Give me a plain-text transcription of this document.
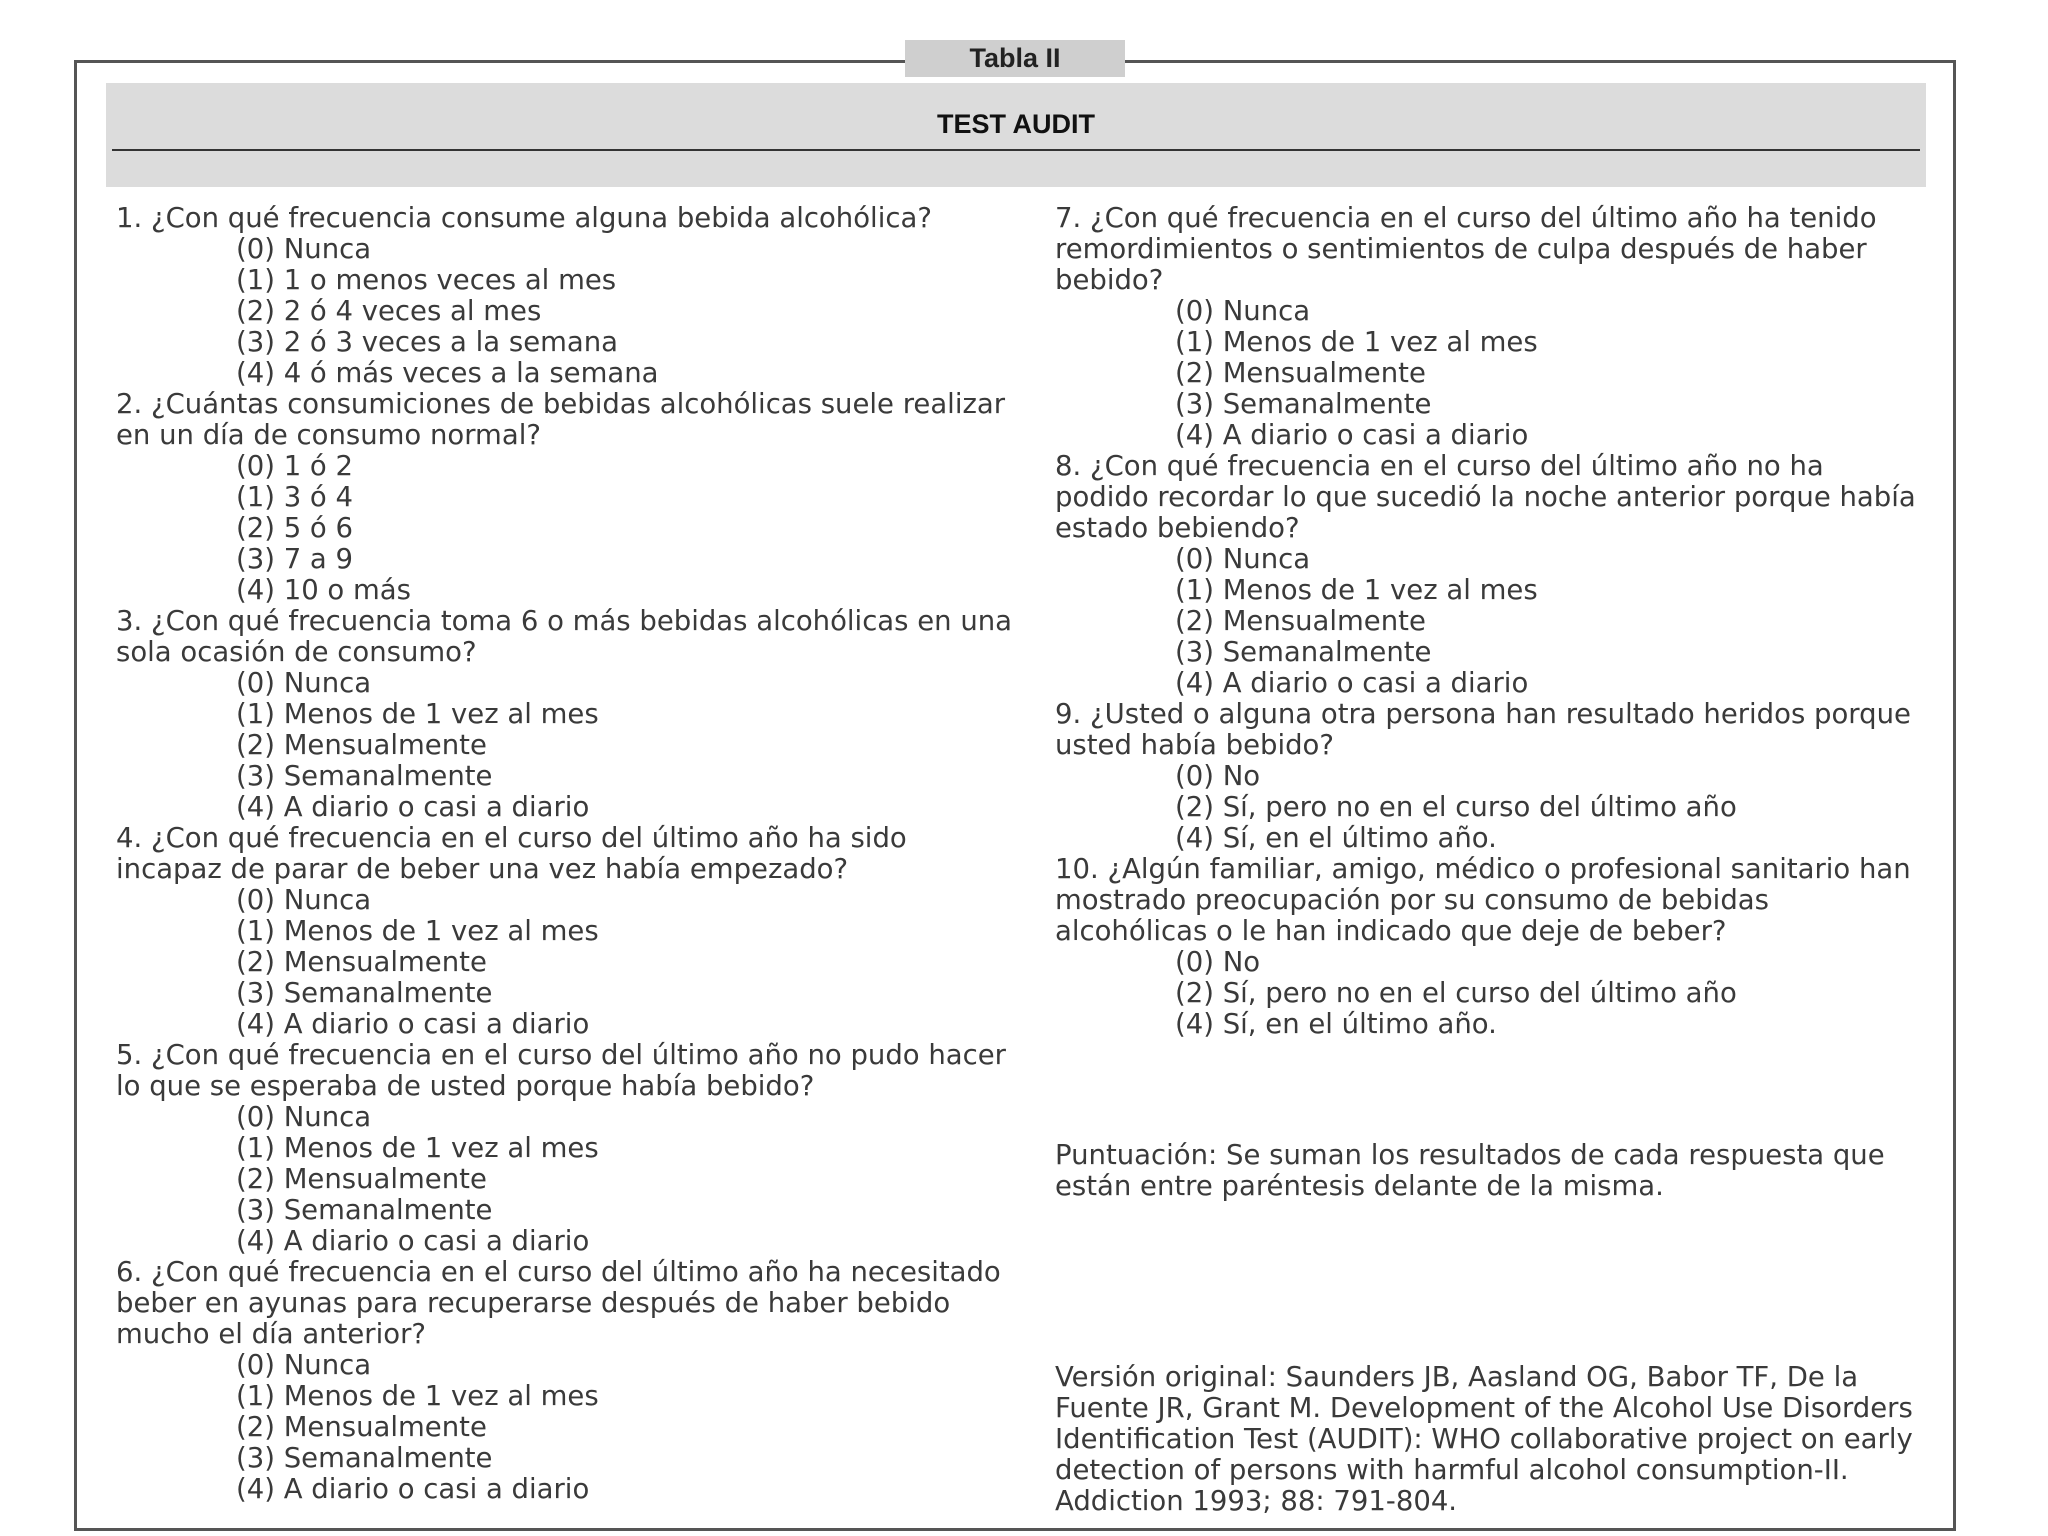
Tabla II
TEST AUDIT

1. ¿Con qué frecuencia consume alguna bebida alcohólica?

(0) Nunca

(1) 1 o menos veces al mes

(2) 2 ó 4 veces al mes

(3) 2 ó 3 veces a la semana

(4) 4 ó más veces a la semana

2. ¿Cuántas consumiciones de bebidas alcohólicas suele realizar en un día de consumo normal?

(0) 1 ó 2

(1) 3 ó 4

(2) 5 ó 6

(3) 7 a 9

(4) 10 o más

3. ¿Con qué frecuencia toma 6 o más bebidas alcohólicas en una sola ocasión de consumo?

(0) Nunca

(1) Menos de 1 vez al mes

(2) Mensualmente

(3) Semanalmente

(4) A diario o casi a diario

4. ¿Con qué frecuencia en el curso del último año ha sido incapaz de parar de beber una vez había empezado?

(0) Nunca

(1) Menos de 1 vez al mes

(2) Mensualmente

(3) Semanalmente

(4) A diario o casi a diario

5. ¿Con qué frecuencia en el curso del último año no pudo hacer lo que se esperaba de usted porque había bebido?

(0) Nunca

(1) Menos de 1 vez al mes

(2) Mensualmente

(3) Semanalmente

(4) A diario o casi a diario

6. ¿Con qué frecuencia en el curso del último año ha necesitado beber en ayunas para recuperarse después de haber bebido mucho el día anterior?

(0) Nunca

(1) Menos de 1 vez al mes

(2) Mensualmente

(3) Semanalmente

(4) A diario o casi a diario

7. ¿Con qué frecuencia en el curso del último año ha tenido remordimientos o sentimientos de culpa después de haber bebido?

(0) Nunca

(1) Menos de 1 vez al mes

(2) Mensualmente

(3) Semanalmente

(4) A diario o casi a diario

8. ¿Con qué frecuencia en el curso del último año no ha podido recordar lo que sucedió la noche anterior porque había estado bebiendo?

(0) Nunca

(1) Menos de 1 vez al mes

(2) Mensualmente

(3) Semanalmente

(4) A diario o casi a diario

9. ¿Usted o alguna otra persona han resultado heridos porque usted había bebido?

(0) No

(2) Sí, pero no en el curso del último año

(4) Sí, en el último año.

10. ¿Algún familiar, amigo, médico o profesional sanitario han mostrado preocupación por su consumo de bebidas alcohólicas o le han indicado que deje de beber?

(0) No

(2) Sí, pero no en el curso del último año

(4) Sí, en el último año.

Puntuación: Se suman los resultados de cada respuesta que están entre paréntesis delante de la misma.

Versión original: Saunders JB, Aasland OG, Babor TF, De la Fuente JR, Grant M. Development of the Alcohol Use Disorders Identification Test (AUDIT): WHO collaborative project on early detection of persons with harmful alcohol consumption-II. Addiction 1993; 88: 791-804.
